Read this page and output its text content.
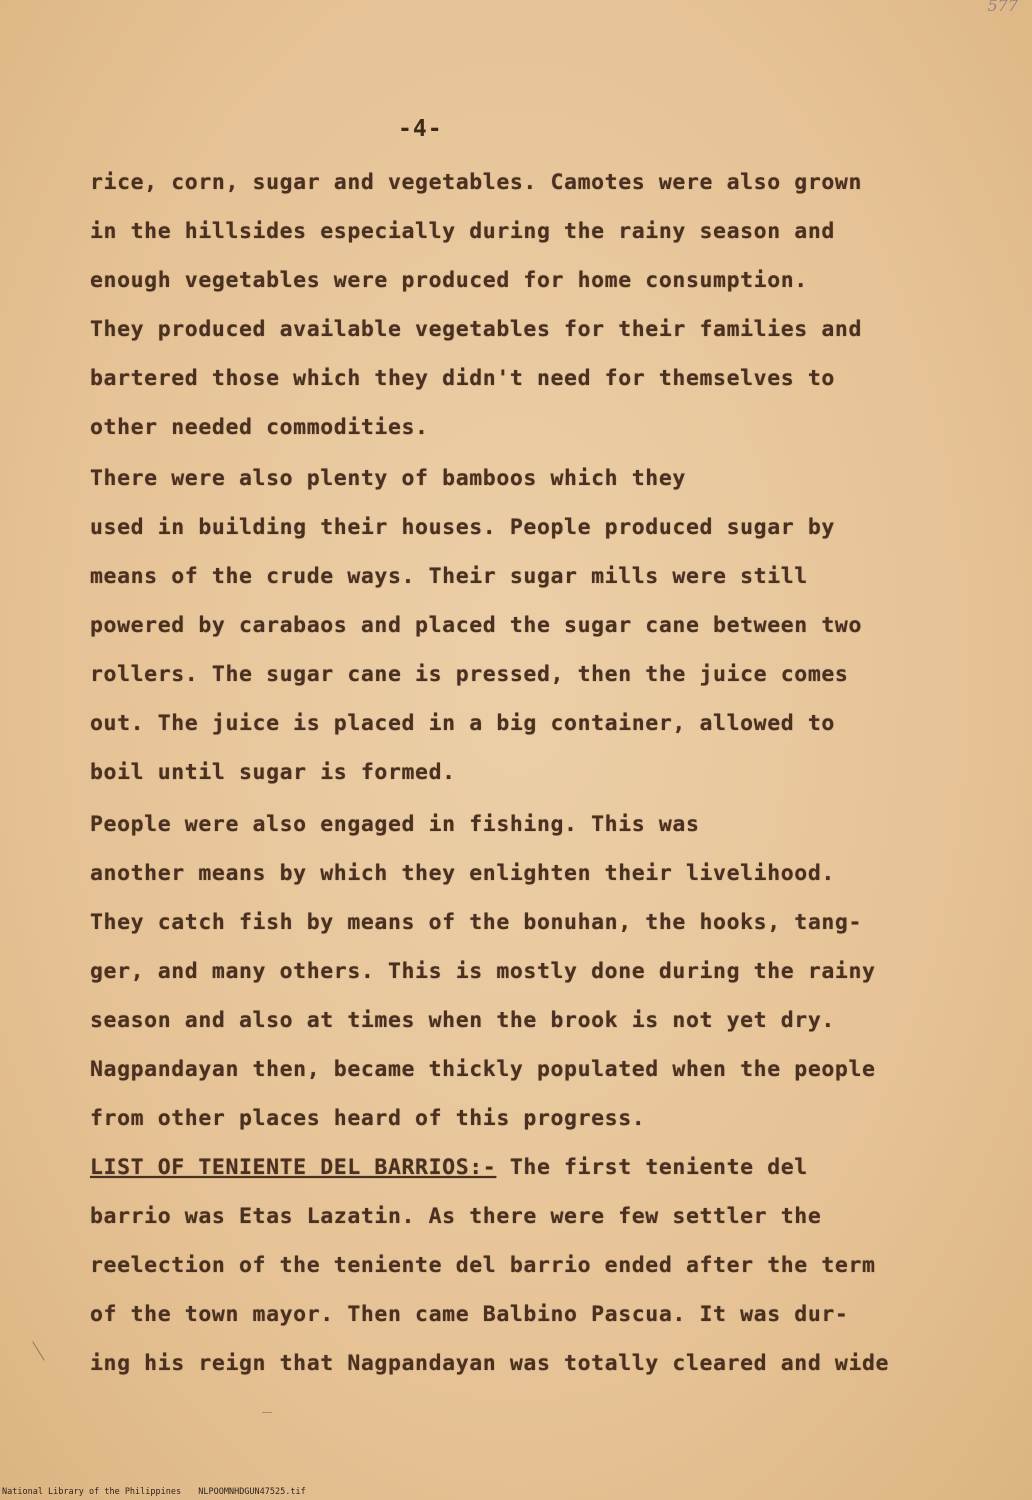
577
-4-
rice, corn, sugar and vegetables. Camotes were also grown
in the hillsides especially during the rainy season and
enough vegetables were produced for home consumption.
They produced available vegetables for their families and
bartered those which they didn't need for themselves to
other needed commodities.
There were also plenty of bamboos which they
used in building their houses. People produced sugar by
means of the crude ways. Their sugar mills were still
powered by carabaos and placed the sugar cane between two
rollers. The sugar cane is pressed, then the juice comes
out. The juice is placed in a big container, allowed to
boil until sugar is formed.
People were also engaged in fishing. This was
another means by which they enlighten their livelihood.
They catch fish by means of the bonuhan, the hooks, tang-
ger, and many others. This is mostly done during the rainy
season and also at times when the brook is not yet dry.
Nagpandayan then, became thickly populated when the people
from other places heard of this progress.
LIST OF TENIENTE DEL BARRIOS:- The first teniente del
barrio was Etas Lazatin. As there were few settler the
reelection of the teniente del barrio ended after the term
of the town mayor. Then came Balbino Pascua. It was dur-
ing his reign that Nagpandayan was totally cleared and wide
National Library of the Philippines NLPOOMNHDGUN47525.tif
